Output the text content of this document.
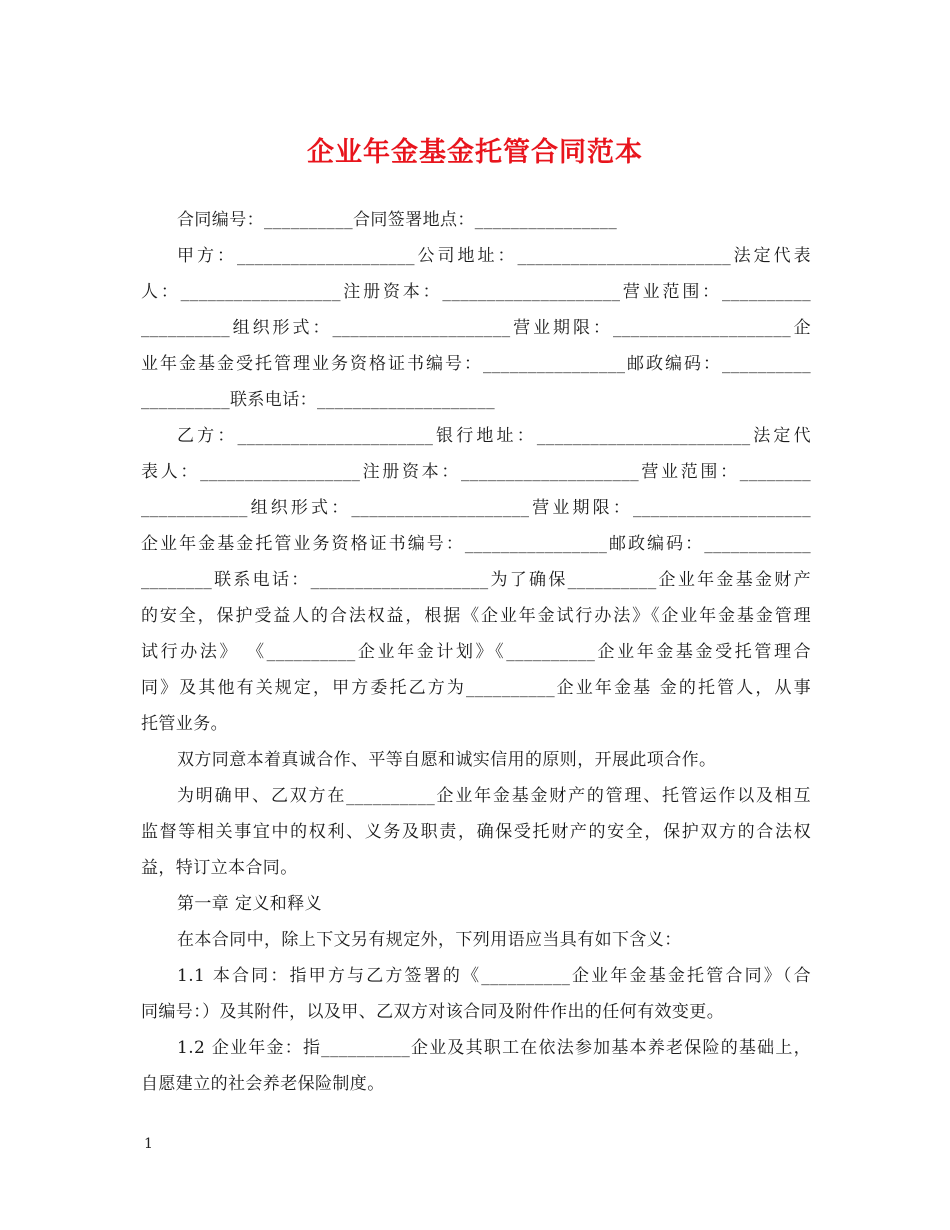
企业年金基金托管合同范本
合同编号：__________合同签署地点：________________
甲方：____________________公司地址：________________________法定代表
人：__________________注册资本：____________________营业范围：__________
__________组织形式：____________________营业期限：____________________企
业年金基金受托管理业务资格证书编号：________________邮政编码：__________
__________联系电话：____________________
乙方：______________________银行地址：________________________法定代
表人：__________________注册资本：____________________营业范围：________
____________组织形式：____________________营业期限：____________________
企业年金基金托管业务资格证书编号：________________邮政编码：____________
________联系电话：____________________为了确保__________企业年金基金财产
的安全，保护受益人的合法权益，根据《企业年金试行办法》《企业年金基金管理
试行办法》 《__________企业年金计划》《__________企业年金基金受托管理合
同》及其他有关规定，甲方委托乙方为__________企业年金基 金的托管人，从事
托管业务。
双方同意本着真诚合作、平等自愿和诚实信用的原则，开展此项合作。
为明确甲、乙双方在__________企业年金基金财产的管理、托管运作以及相互
监督等相关事宜中的权利、义务及职责，确保受托财产的安全，保护双方的合法权
益，特订立本合同。
第一章 定义和释义
在本合同中，除上下文另有规定外，下列用语应当具有如下含义：
1.1 本合同：指甲方与乙方签署的《__________企业年金基金托管合同》（合
同编号：）及其附件，以及甲、乙双方对该合同及附件作出的任何有效变更。
1.2 企业年金：指__________企业及其职工在依法参加基本养老保险的基础上，
自愿建立的社会养老保险制度。
1
